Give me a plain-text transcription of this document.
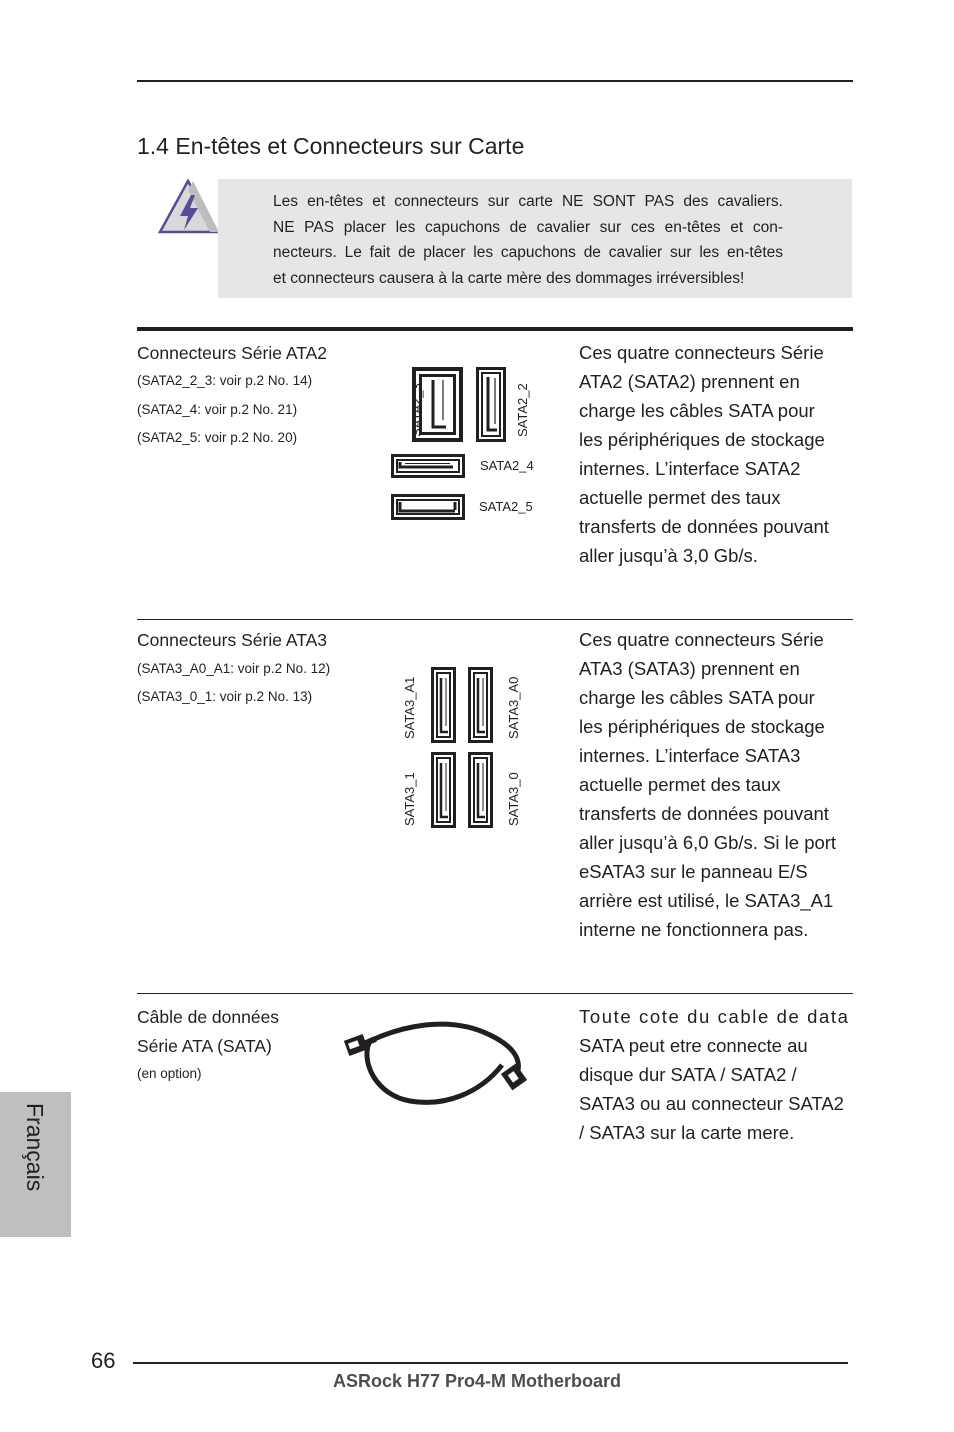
1.4 En-têtes et Connecteurs sur Carte
Les en-têtes et connecteurs sur carte NE SONT PAS des cavaliers.
NE PAS placer les capuchons de cavalier sur ces en-têtes et con-
necteurs. Le fait de placer les capuchons de cavalier sur les en-têtes
et connecteurs causera à la carte mère des dommages irréversibles!
Connecteurs Série ATA2
(SATA2_2_3: voir p.2 No. 14)
(SATA2_4: voir p.2 No. 21)
(SATA2_5: voir p.2 No. 20)
SATA2_3	SATA2_2
SATA2_4
SATA2_5
Ces quatre connecteurs Série
ATA2 (SATA2) prennent en
charge les câbles SATA pour
les périphériques de stockage
internes. L’interface SATA2
actuelle permet des taux
transferts de données pouvant
aller jusqu’à 3,0 Gb/s.
Connecteurs Série ATA3
(SATA3_A0_A1: voir p.2 No. 12)
(SATA3_0_1: voir p.2 No. 13)	SATA3_A1	SATA3_A0
SATA3_1	SATA3_0
Ces quatre connecteurs Série
ATA3 (SATA3) prennent en
charge les câbles SATA pour
les périphériques de stockage
internes. L’interface SATA3
actuelle permet des taux
transferts de données pouvant
aller jusqu’à 6,0 Gb/s. Si le port
eSATA3 sur le panneau E/S
arrière est utilisé, le SATA3_A1
interne ne fonctionnera pas.
Câble de données
Série ATA (SATA)
(en option)
Toute cote du cable de data
SATA peut etre connecte au
disque dur SATA / SATA2 /
SATA3 ou au connecteur SATA2
/ SATA3 sur la carte mere.
Français
66
ASRock H77 Pro4-M Motherboard
